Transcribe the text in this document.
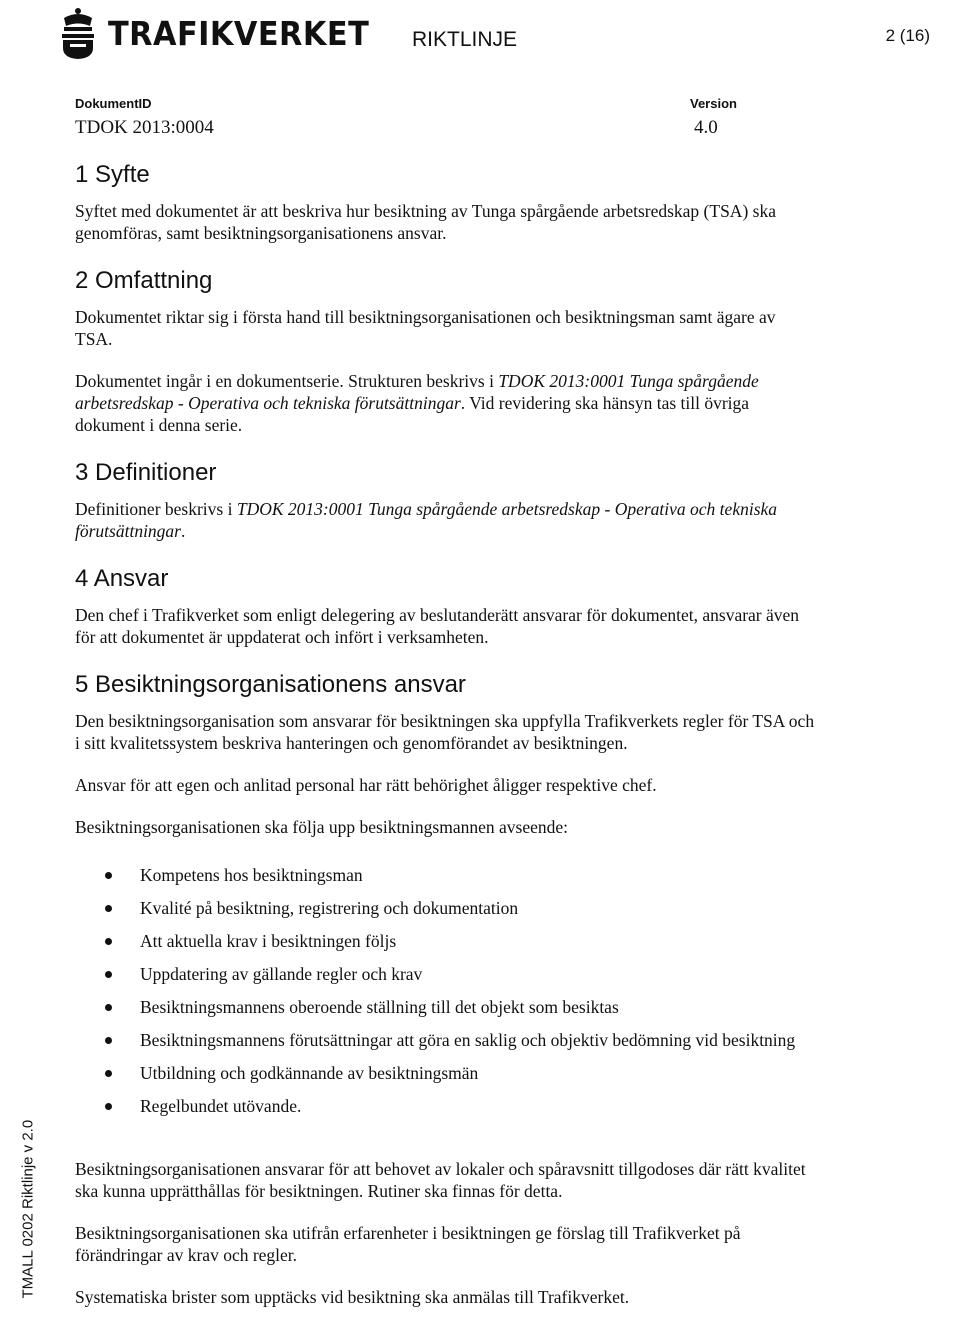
TRAFIKVERKET RIKTLINJE	2 (16)
DokumentID
TDOK 2013:0004
Version
4.0
1 Syfte

Syftet med dokumentet är att beskriva hur besiktning av Tunga spårgående arbetsredskap (TSA) ska genomföras, samt besiktningsorganisationens ansvar.

2 Omfattning

Dokumentet riktar sig i första hand till besiktningsorganisationen och besiktningsman samt ägare av TSA.

Dokumentet ingår i en dokumentserie. Strukturen beskrivs i TDOK 2013:0001 Tunga spårgående arbetsredskap - Operativa och tekniska förutsättningar. Vid revidering ska hänsyn tas till övriga dokument i denna serie.

3 Definitioner

Definitioner beskrivs i TDOK 2013:0001 Tunga spårgående arbetsredskap - Operativa och tekniska förutsättningar.

4 Ansvar

Den chef i Trafikverket som enligt delegering av beslutanderätt ansvarar för dokumentet, ansvarar även för att dokumentet är uppdaterat och infört i verksamheten.

5 Besiktningsorganisationens ansvar

Den besiktningsorganisation som ansvarar för besiktningen ska uppfylla Trafikverkets regler för TSA och i sitt kvalitetssystem beskriva hanteringen och genomförandet av besiktningen.

Ansvar för att egen och anlitad personal har rätt behörighet åligger respektive chef.

Besiktningsorganisationen ska följa upp besiktningsmannen avseende:

Kompetens hos besiktningsman
Kvalité på besiktning, registrering och dokumentation
Att aktuella krav i besiktningen följs
Uppdatering av gällande regler och krav
Besiktningsmannens oberoende ställning till det objekt som besiktas
Besiktningsmannens förutsättningar att göra en saklig och objektiv bedömning vid besiktning
Utbildning och godkännande av besiktningsmän
Regelbundet utövande.

Besiktningsorganisationen ansvarar för att behovet av lokaler och spåravsnitt tillgodoses där rätt kvalitet ska kunna upprätthållas för besiktningen. Rutiner ska finnas för detta.

Besiktningsorganisationen ska utifrån erfarenheter i besiktningen ge förslag till Trafikverket på förändringar av krav och regler.

Systematiska brister som upptäcks vid besiktning ska anmälas till Trafikverket.

TMALL 0202 Riktlinje v 2.0
